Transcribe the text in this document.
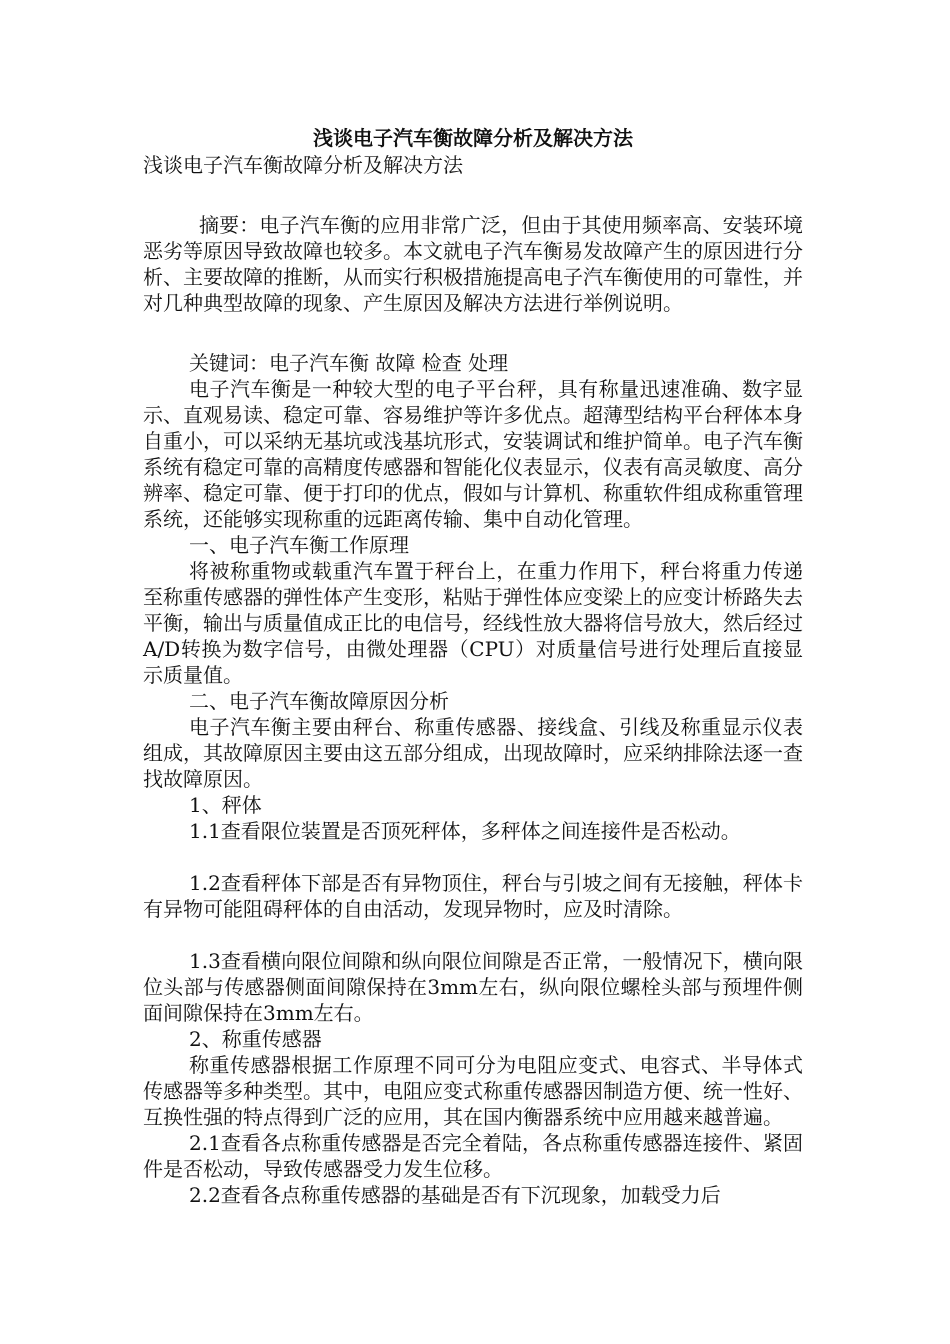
浅谈电子汽车衡故障分析及解决方法

浅谈电子汽车衡故障分析及解决方法

摘要：电子汽车衡的应用非常广泛，但由于其使用频率高、安装环境恶劣等原因导致故障也较多。本文就电子汽车衡易发故障产生的原因进行分析、主要故障的推断，从而实行积极措施提高电子汽车衡使用的可靠性，并对几种典型故障的现象、产生原因及解决方法进行举例说明。

关键词：电子汽车衡 故障 检查 处理

电子汽车衡是一种较大型的电子平台秤，具有称量迅速准确、数字显示、直观易读、稳定可靠、容易维护等许多优点。超薄型结构平台秤体本身自重小，可以采纳无基坑或浅基坑形式，安装调试和维护简单。电子汽车衡系统有稳定可靠的高精度传感器和智能化仪表显示，仪表有高灵敏度、高分辨率、稳定可靠、便于打印的优点，假如与计算机、称重软件组成称重管理系统，还能够实现称重的远距离传输、集中自动化管理。

一、电子汽车衡工作原理

将被称重物或载重汽车置于秤台上，在重力作用下，秤台将重力传递至称重传感器的弹性体产生变形，粘贴于弹性体应变梁上的应变计桥路失去平衡，输出与质量值成正比的电信号，经线性放大器将信号放大，然后经过A/D转换为数字信号，由微处理器（CPU）对质量信号进行处理后直接显示质量值。

二、电子汽车衡故障原因分析

电子汽车衡主要由秤台、称重传感器、接线盒、引线及称重显示仪表组成，其故障原因主要由这五部分组成，出现故障时，应采纳排除法逐一查找故障原因。

1、秤体

1.1查看限位装置是否顶死秤体，多秤体之间连接件是否松动。

1.2查看秤体下部是否有异物顶住，秤台与引坡之间有无接触，秤体卡有异物可能阻碍秤体的自由活动，发现异物时，应及时清除。

1.3查看横向限位间隙和纵向限位间隙是否正常，一般情况下，横向限位头部与传感器侧面间隙保持在3mm左右，纵向限位螺栓头部与预埋件侧面间隙保持在3mm左右。

2、称重传感器

称重传感器根据工作原理不同可分为电阻应变式、电容式、半导体式传感器等多种类型。其中，电阻应变式称重传感器因制造方便、统一性好、互换性强的特点得到广泛的应用，其在国内衡器系统中应用越来越普遍。

2.1查看各点称重传感器是否完全着陆，各点称重传感器连接件、紧固件是否松动，导致传感器受力发生位移。

2.2查看各点称重传感器的基础是否有下沉现象，加载受力后
